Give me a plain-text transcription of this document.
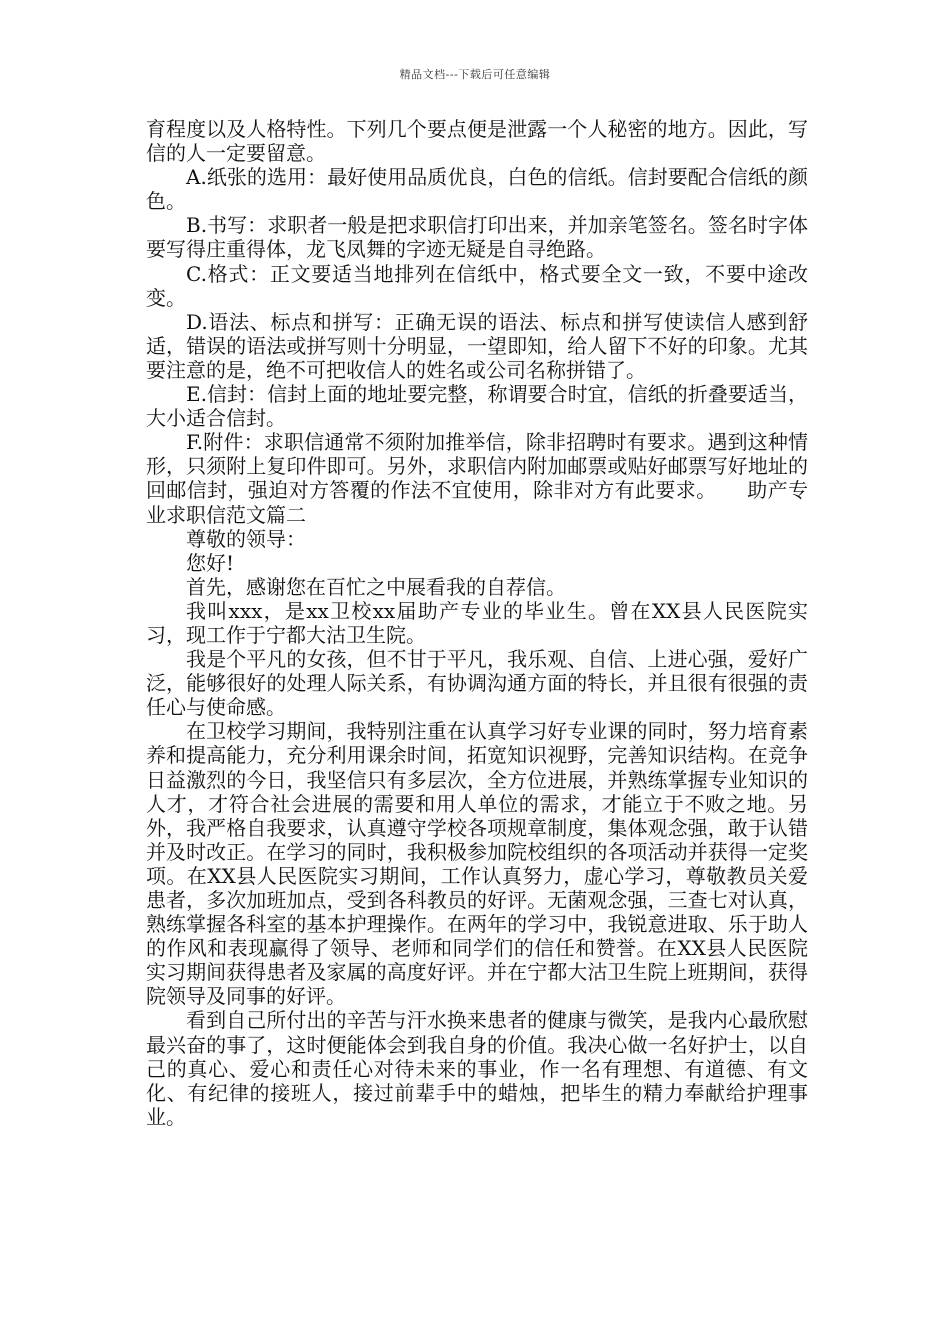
精品文档---下载后可任意编辑

育程度以及人格特性。下列几个要点便是泄露一个人秘密的地方。因此，写信的人一定要留意。

A.纸张的选用：最好使用品质优良，白色的信纸。信封要配合信纸的颜色。

B.书写：求职者一般是把求职信打印出来，并加亲笔签名。签名时字体要写得庄重得体，龙飞凤舞的字迹无疑是自寻绝路。

C.格式：正文要适当地排列在信纸中，格式要全文一致，不要中途改变。

D.语法、标点和拼写：正确无误的语法、标点和拼写使读信人感到舒适，错误的语法或拼写则十分明显，一望即知，给人留下不好的印象。尤其要注意的是，绝不可把收信人的姓名或公司名称拼错了。

E.信封：信封上面的地址要完整，称谓要合时宜，信纸的折叠要适当，大小适合信封。

F.附件：求职信通常不须附加推举信，除非招聘时有要求。遇到这种情形，只须附上复印件即可。另外，求职信内附加邮票或贴好邮票写好地址的回邮信封，强迫对方答覆的作法不宜使用，除非对方有此要求。　　助产专业求职信范文篇二

尊敬的领导：

您好!

首先，感谢您在百忙之中展看我的自荐信。

我叫xxx，是xx卫校xx届助产专业的毕业生。曾在XX县人民医院实习，现工作于宁都大沽卫生院。

我是个平凡的女孩，但不甘于平凡，我乐观、自信、上进心强，爱好广泛，能够很好的处理人际关系，有协调沟通方面的特长，并且很有很强的责任心与使命感。

在卫校学习期间，我特别注重在认真学习好专业课的同时，努力培育素养和提高能力，充分利用课余时间，拓宽知识视野，完善知识结构。在竞争日益激烈的今日，我坚信只有多层次，全方位进展，并熟练掌握专业知识的人才，才符合社会进展的需要和用人单位的需求，才能立于不败之地。另外，我严格自我要求，认真遵守学校各项规章制度，集体观念强，敢于认错并及时改正。在学习的同时，我积极参加院校组织的各项活动并获得一定奖项。在XX县人民医院实习期间，工作认真努力，虚心学习，尊敬教员关爱患者，多次加班加点，受到各科教员的好评。无菌观念强，三查七对认真，熟练掌握各科室的基本护理操作。在两年的学习中，我锐意进取、乐于助人的作风和表现赢得了领导、老师和同学们的信任和赞誉。在XX县人民医院实习期间获得患者及家属的高度好评。并在宁都大沽卫生院上班期间，获得院领导及同事的好评。

看到自己所付出的辛苦与汗水换来患者的健康与微笑，是我内心最欣慰最兴奋的事了，这时便能体会到我自身的价值。我决心做一名好护士，以自己的真心、爱心和责任心对待未来的事业，作一名有理想、有道德、有文化、有纪律的接班人，接过前辈手中的蜡烛，把毕生的精力奉献给护理事业。
